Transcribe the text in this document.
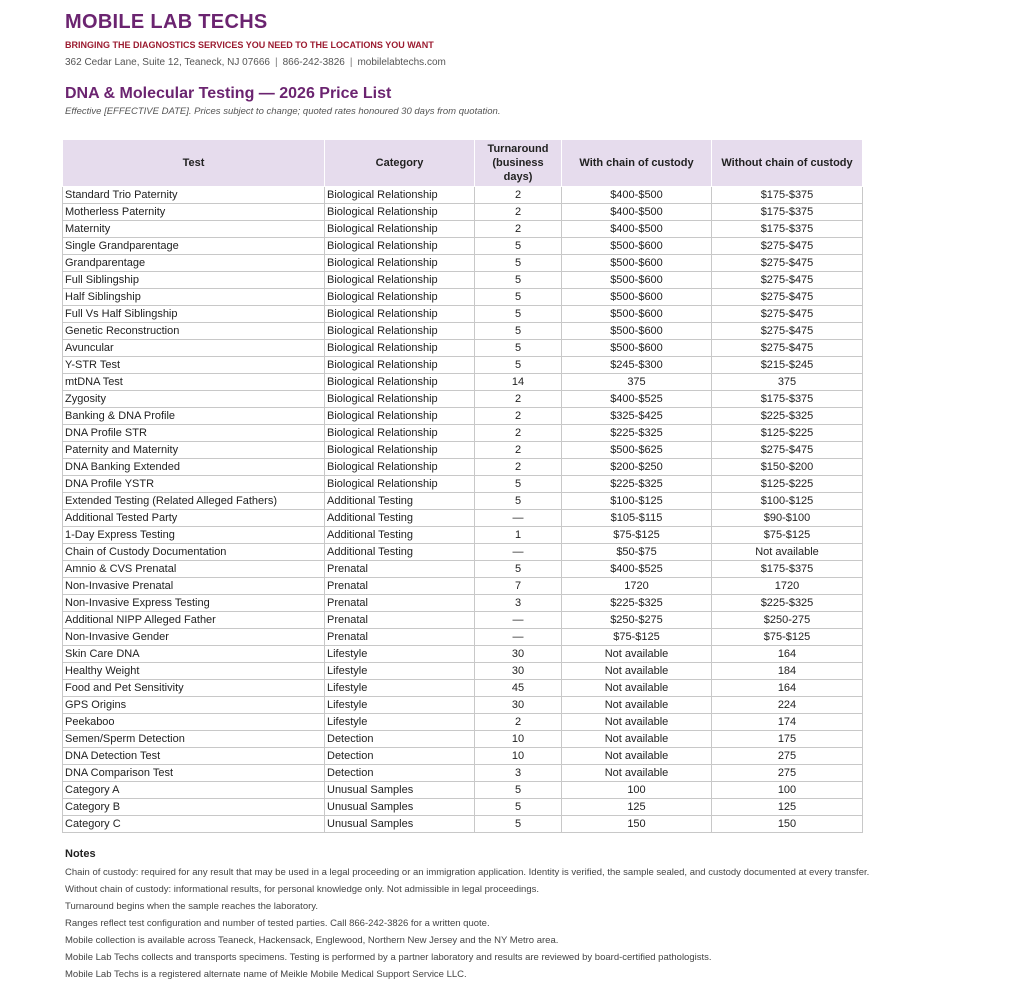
MOBILE LAB TECHS
BRINGING THE DIAGNOSTICS SERVICES YOU NEED TO THE LOCATIONS YOU WANT
362 Cedar Lane, Suite 12, Teaneck, NJ 07666 | 866-242-3826 | mobilelabtechs.com
DNA & Molecular Testing — 2026 Price List
Effective [EFFECTIVE DATE]. Prices subject to change; quoted rates honoured 30 days from quotation.
Test	Category	Turnaround (business days)	With chain of custody	Without chain of custody
Standard Trio Paternity	Biological Relationship	2	$400-$500	$175-$375
Motherless Paternity	Biological Relationship	2	$400-$500	$175-$375
Maternity	Biological Relationship	2	$400-$500	$175-$375
Single Grandparentage	Biological Relationship	5	$500-$600	$275-$475
Grandparentage	Biological Relationship	5	$500-$600	$275-$475
Full Siblingship	Biological Relationship	5	$500-$600	$275-$475
Half Siblingship	Biological Relationship	5	$500-$600	$275-$475
Full Vs Half Siblingship	Biological Relationship	5	$500-$600	$275-$475
Genetic Reconstruction	Biological Relationship	5	$500-$600	$275-$475
Avuncular	Biological Relationship	5	$500-$600	$275-$475
Y-STR Test	Biological Relationship	5	$245-$300	$215-$245
mtDNA Test	Biological Relationship	14	375	375
Zygosity	Biological Relationship	2	$400-$525	$175-$375
Banking & DNA Profile	Biological Relationship	2	$325-$425	$225-$325
DNA Profile STR	Biological Relationship	2	$225-$325	$125-$225
Paternity and Maternity	Biological Relationship	2	$500-$625	$275-$475
DNA Banking Extended	Biological Relationship	2	$200-$250	$150-$200
DNA Profile YSTR	Biological Relationship	5	$225-$325	$125-$225
Extended Testing (Related Alleged Fathers)	Additional Testing	5	$100-$125	$100-$125
Additional Tested Party	Additional Testing	—	$105-$115	$90-$100
1-Day Express Testing	Additional Testing	1	$75-$125	$75-$125
Chain of Custody Documentation	Additional Testing	—	$50-$75	Not available
Amnio & CVS Prenatal	Prenatal	5	$400-$525	$175-$375
Non-Invasive Prenatal	Prenatal	7	1720	1720
Non-Invasive Express Testing	Prenatal	3	$225-$325	$225-$325
Additional NIPP Alleged Father	Prenatal	—	$250-$275	$250-275
Non-Invasive Gender	Prenatal	—	$75-$125	$75-$125
Skin Care DNA	Lifestyle	30	Not available	164
Healthy Weight	Lifestyle	30	Not available	184
Food and Pet Sensitivity	Lifestyle	45	Not available	164
GPS Origins	Lifestyle	30	Not available	224
Peekaboo	Lifestyle	2	Not available	174
Semen/Sperm Detection	Detection	10	Not available	175
DNA Detection Test	Detection	10	Not available	275
DNA Comparison Test	Detection	3	Not available	275
Category A	Unusual Samples	5	100	100
Category B	Unusual Samples	5	125	125
Category C	Unusual Samples	5	150	150
Notes
Chain of custody: required for any result that may be used in a legal proceeding or an immigration application. Identity is verified, the sample sealed, and custody documented at every transfer.
Without chain of custody: informational results, for personal knowledge only. Not admissible in legal proceedings.
Turnaround begins when the sample reaches the laboratory.
Ranges reflect test configuration and number of tested parties. Call 866-242-3826 for a written quote.
Mobile collection is available across Teaneck, Hackensack, Englewood, Northern New Jersey and the NY Metro area.
Mobile Lab Techs collects and transports specimens. Testing is performed by a partner laboratory and results are reviewed by board-certified pathologists.
Mobile Lab Techs is a registered alternate name of Meikle Mobile Medical Support Service LLC.
